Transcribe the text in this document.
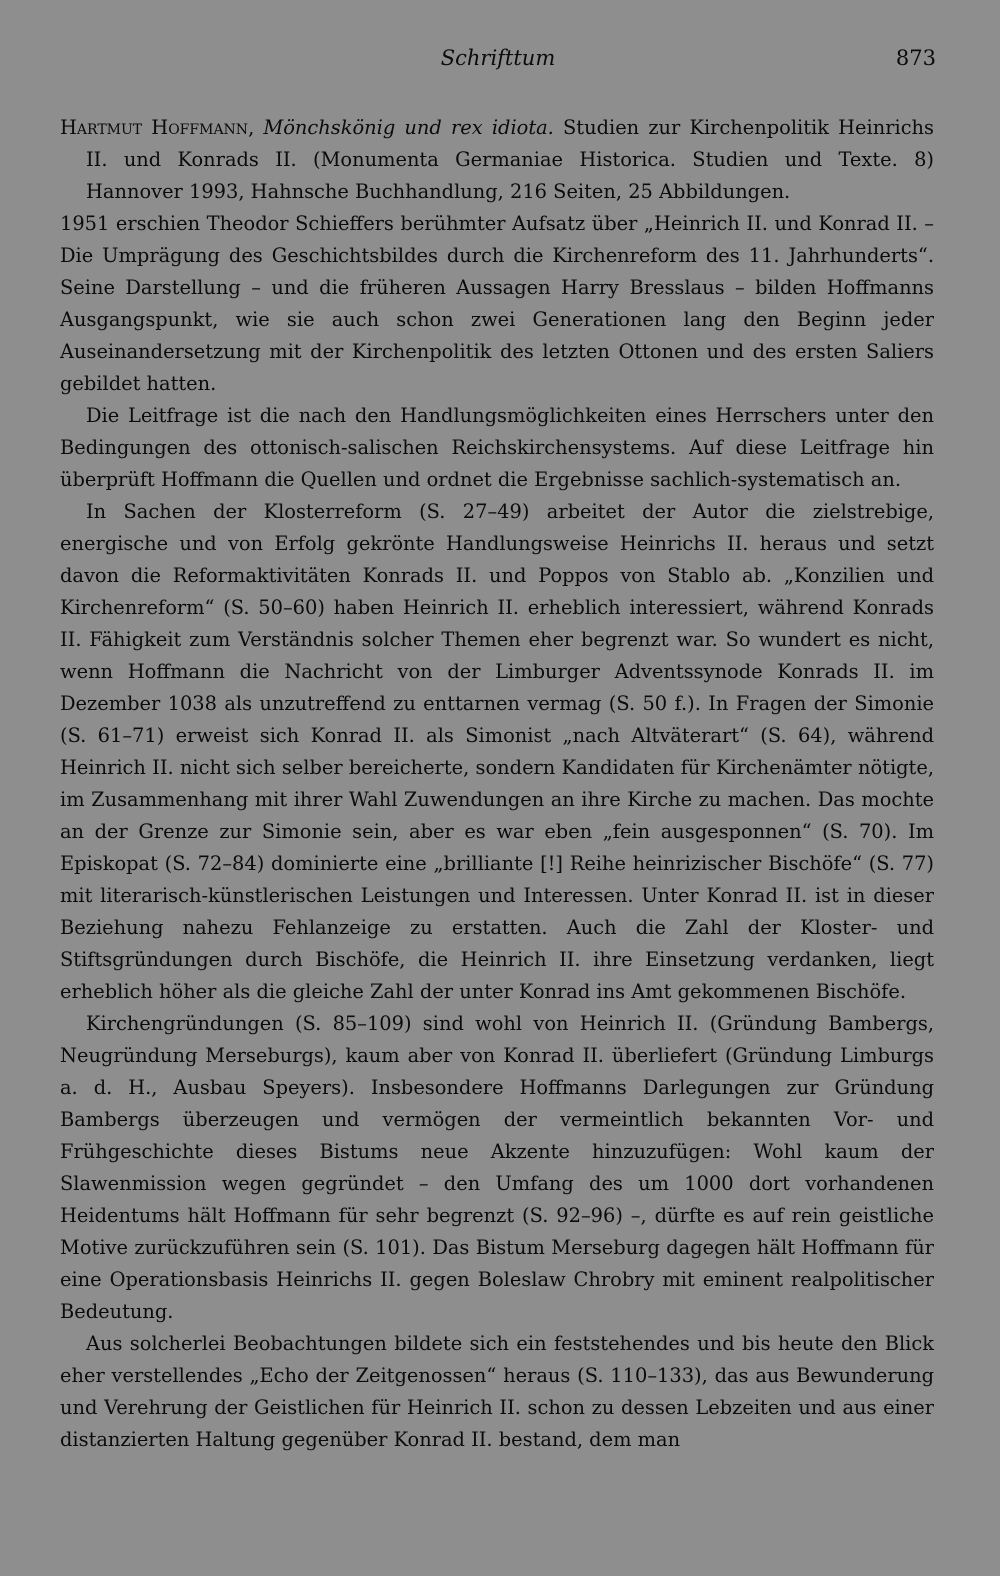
Schrifttum	873

Hartmut Hoffmann, Mönchskönig und rex idiota. Studien zur Kirchenpolitik Heinrichs II. und Konrads II. (Monumenta Germaniae Historica. Studien und Texte. 8) Hannover 1993, Hahnsche Buchhandlung, 216 Seiten, 25 Abbildungen.

1951 erschien Theodor Schieffers berühmter Aufsatz über „Heinrich II. und Konrad II. – Die Umprägung des Geschichtsbildes durch die Kirchenreform des 11. Jahrhunderts“. Seine Darstellung – und die früheren Aussagen Harry Bresslaus – bilden Hoffmanns Ausgangspunkt, wie sie auch schon zwei Generationen lang den Beginn jeder Auseinandersetzung mit der Kirchenpolitik des letzten Ottonen und des ersten Saliers gebildet hatten.

Die Leitfrage ist die nach den Handlungsmöglichkeiten eines Herrschers unter den Bedingungen des ottonisch-salischen Reichskirchensystems. Auf diese Leitfrage hin überprüft Hoffmann die Quellen und ordnet die Ergebnisse sachlich-systematisch an.

In Sachen der Klosterreform (S. 27–49) arbeitet der Autor die zielstrebige, energische und von Erfolg gekrönte Handlungsweise Heinrichs II. heraus und setzt davon die Reformaktivitäten Konrads II. und Poppos von Stablo ab. „Konzilien und Kirchenreform“ (S. 50–60) haben Heinrich II. erheblich interessiert, während Konrads II. Fähigkeit zum Verständnis solcher Themen eher begrenzt war. So wundert es nicht, wenn Hoffmann die Nachricht von der Limburger Adventssynode Konrads II. im Dezember 1038 als unzutreffend zu enttarnen vermag (S. 50 f.). In Fragen der Simonie (S. 61–71) erweist sich Konrad II. als Simonist „nach Altväterart“ (S. 64), während Heinrich II. nicht sich selber bereicherte, sondern Kandidaten für Kirchenämter nötigte, im Zusammenhang mit ihrer Wahl Zuwendungen an ihre Kirche zu machen. Das mochte an der Grenze zur Simonie sein, aber es war eben „fein ausgesponnen“ (S. 70). Im Episkopat (S. 72–84) dominierte eine „brilliante [!] Reihe heinrizischer Bischöfe“ (S. 77) mit literarisch-künstlerischen Leistungen und Interessen. Unter Konrad II. ist in dieser Beziehung nahezu Fehlanzeige zu erstatten. Auch die Zahl der Kloster- und Stiftsgründungen durch Bischöfe, die Heinrich II. ihre Einsetzung verdanken, liegt erheblich höher als die gleiche Zahl der unter Konrad ins Amt gekommenen Bischöfe.

Kirchengründungen (S. 85–109) sind wohl von Heinrich II. (Gründung Bambergs, Neugründung Merseburgs), kaum aber von Konrad II. überliefert (Gründung Limburgs a. d. H., Ausbau Speyers). Insbesondere Hoffmanns Darlegungen zur Gründung Bambergs überzeugen und vermögen der vermeintlich bekannten Vor- und Frühgeschichte dieses Bistums neue Akzente hinzuzufügen: Wohl kaum der Slawenmission wegen gegründet – den Umfang des um 1000 dort vorhandenen Heidentums hält Hoffmann für sehr begrenzt (S. 92–96) –, dürfte es auf rein geistliche Motive zurückzuführen sein (S. 101). Das Bistum Merseburg dagegen hält Hoffmann für eine Operationsbasis Heinrichs II. gegen Boleslaw Chrobry mit eminent realpolitischer Bedeutung.

Aus solcherlei Beobachtungen bildete sich ein feststehendes und bis heute den Blick eher verstellendes „Echo der Zeitgenossen“ heraus (S. 110–133), das aus Bewunderung und Verehrung der Geistlichen für Heinrich II. schon zu dessen Lebzeiten und aus einer distanzierten Haltung gegenüber Konrad II. bestand, dem man
